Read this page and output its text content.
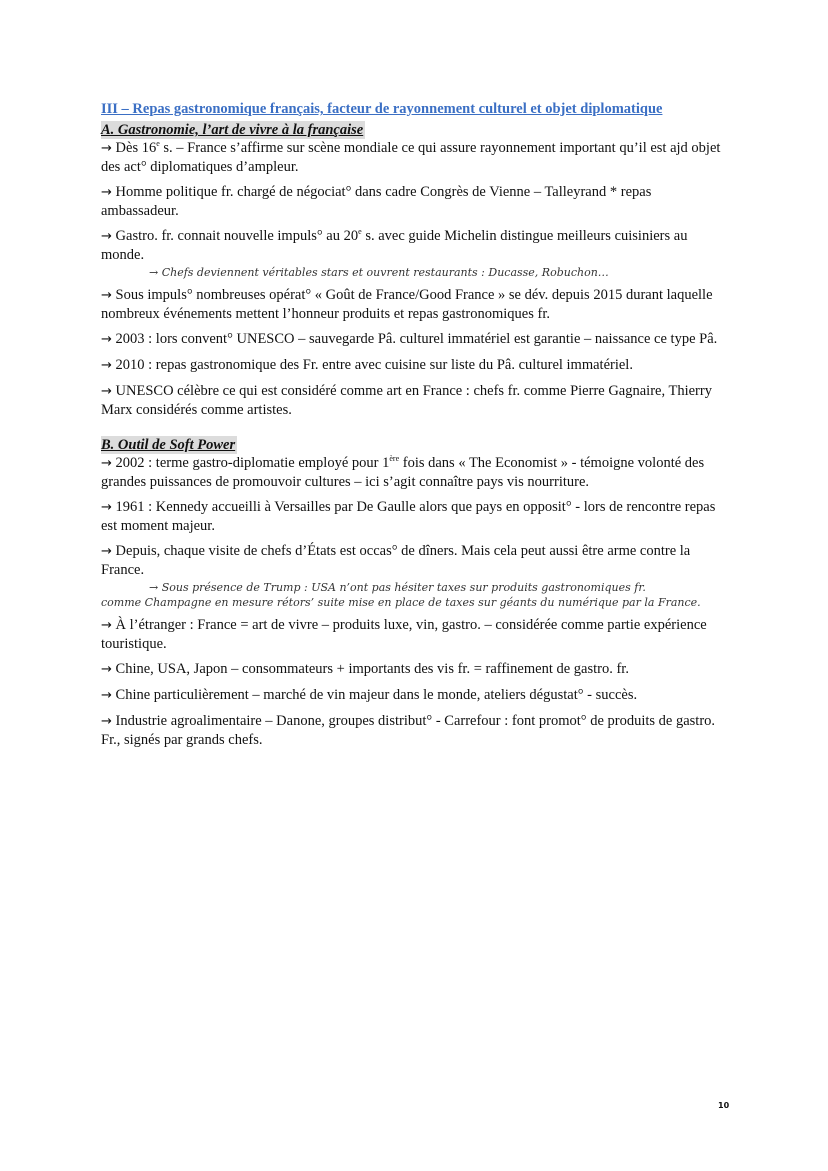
III – Repas gastronomique français, facteur de rayonnement culturel et objet diplomatique
A. Gastronomie, l’art de vivre à la française
→ Dès 16e s. – France s’affirme sur scène mondiale ce qui assure rayonnement important qu’il est ajd objet des act° diplomatiques d’ampleur.
→ Homme politique fr. chargé de négociat° dans cadre Congrès de Vienne – Talleyrand * repas ambassadeur.
→ Gastro. fr. connait nouvelle impuls° au 20e s. avec guide Michelin distingue meilleurs cuisiniers au monde.
→ Chefs deviennent véritables stars et ouvrent restaurants : Ducasse, Robuchon…
→ Sous impuls° nombreuses opérat° « Goût de France/Good France » se dév. depuis 2015 durant laquelle nombreux événements mettent l’honneur produits et repas gastronomiques fr.
→ 2003 : lors convent° UNESCO – sauvegarde Pâ. culturel immatériel est garantie – naissance ce type Pâ.
→ 2010 : repas gastronomique des Fr. entre avec cuisine sur liste du Pâ. culturel immatériel.
→ UNESCO célèbre ce qui est considéré comme art en France : chefs fr. comme Pierre Gagnaire, Thierry Marx considérés comme artistes.
B. Outil de Soft Power
→ 2002 : terme gastro-diplomatie employé pour 1ère fois dans « The Economist » - témoigne volonté des grandes puissances de promouvoir cultures – ici s’agit connaître pays vis nourriture.
→ 1961 : Kennedy accueilli à Versailles par De Gaulle alors que pays en opposit° - lors de rencontre repas est moment majeur.
→ Depuis, chaque visite de chefs d’États est occas° de dîners. Mais cela peut aussi être arme contre la France.
→ Sous présence de Trump : USA n’ont pas hésiter taxes sur produits gastronomiques fr.
comme Champagne en mesure rétors’ suite mise en place de taxes sur géants du numérique par la France.
→ À l’étranger : France = art de vivre – produits luxe, vin, gastro. – considérée comme partie expérience touristique.
→ Chine, USA, Japon – consommateurs + importants des vis fr. = raffinement de gastro. fr.
→ Chine particulièrement – marché de vin majeur dans le monde, ateliers dégustat° - succès.
→ Industrie agroalimentaire – Danone, groupes distribut° - Carrefour : font promot° de produits de gastro. Fr., signés par grands chefs.
10
